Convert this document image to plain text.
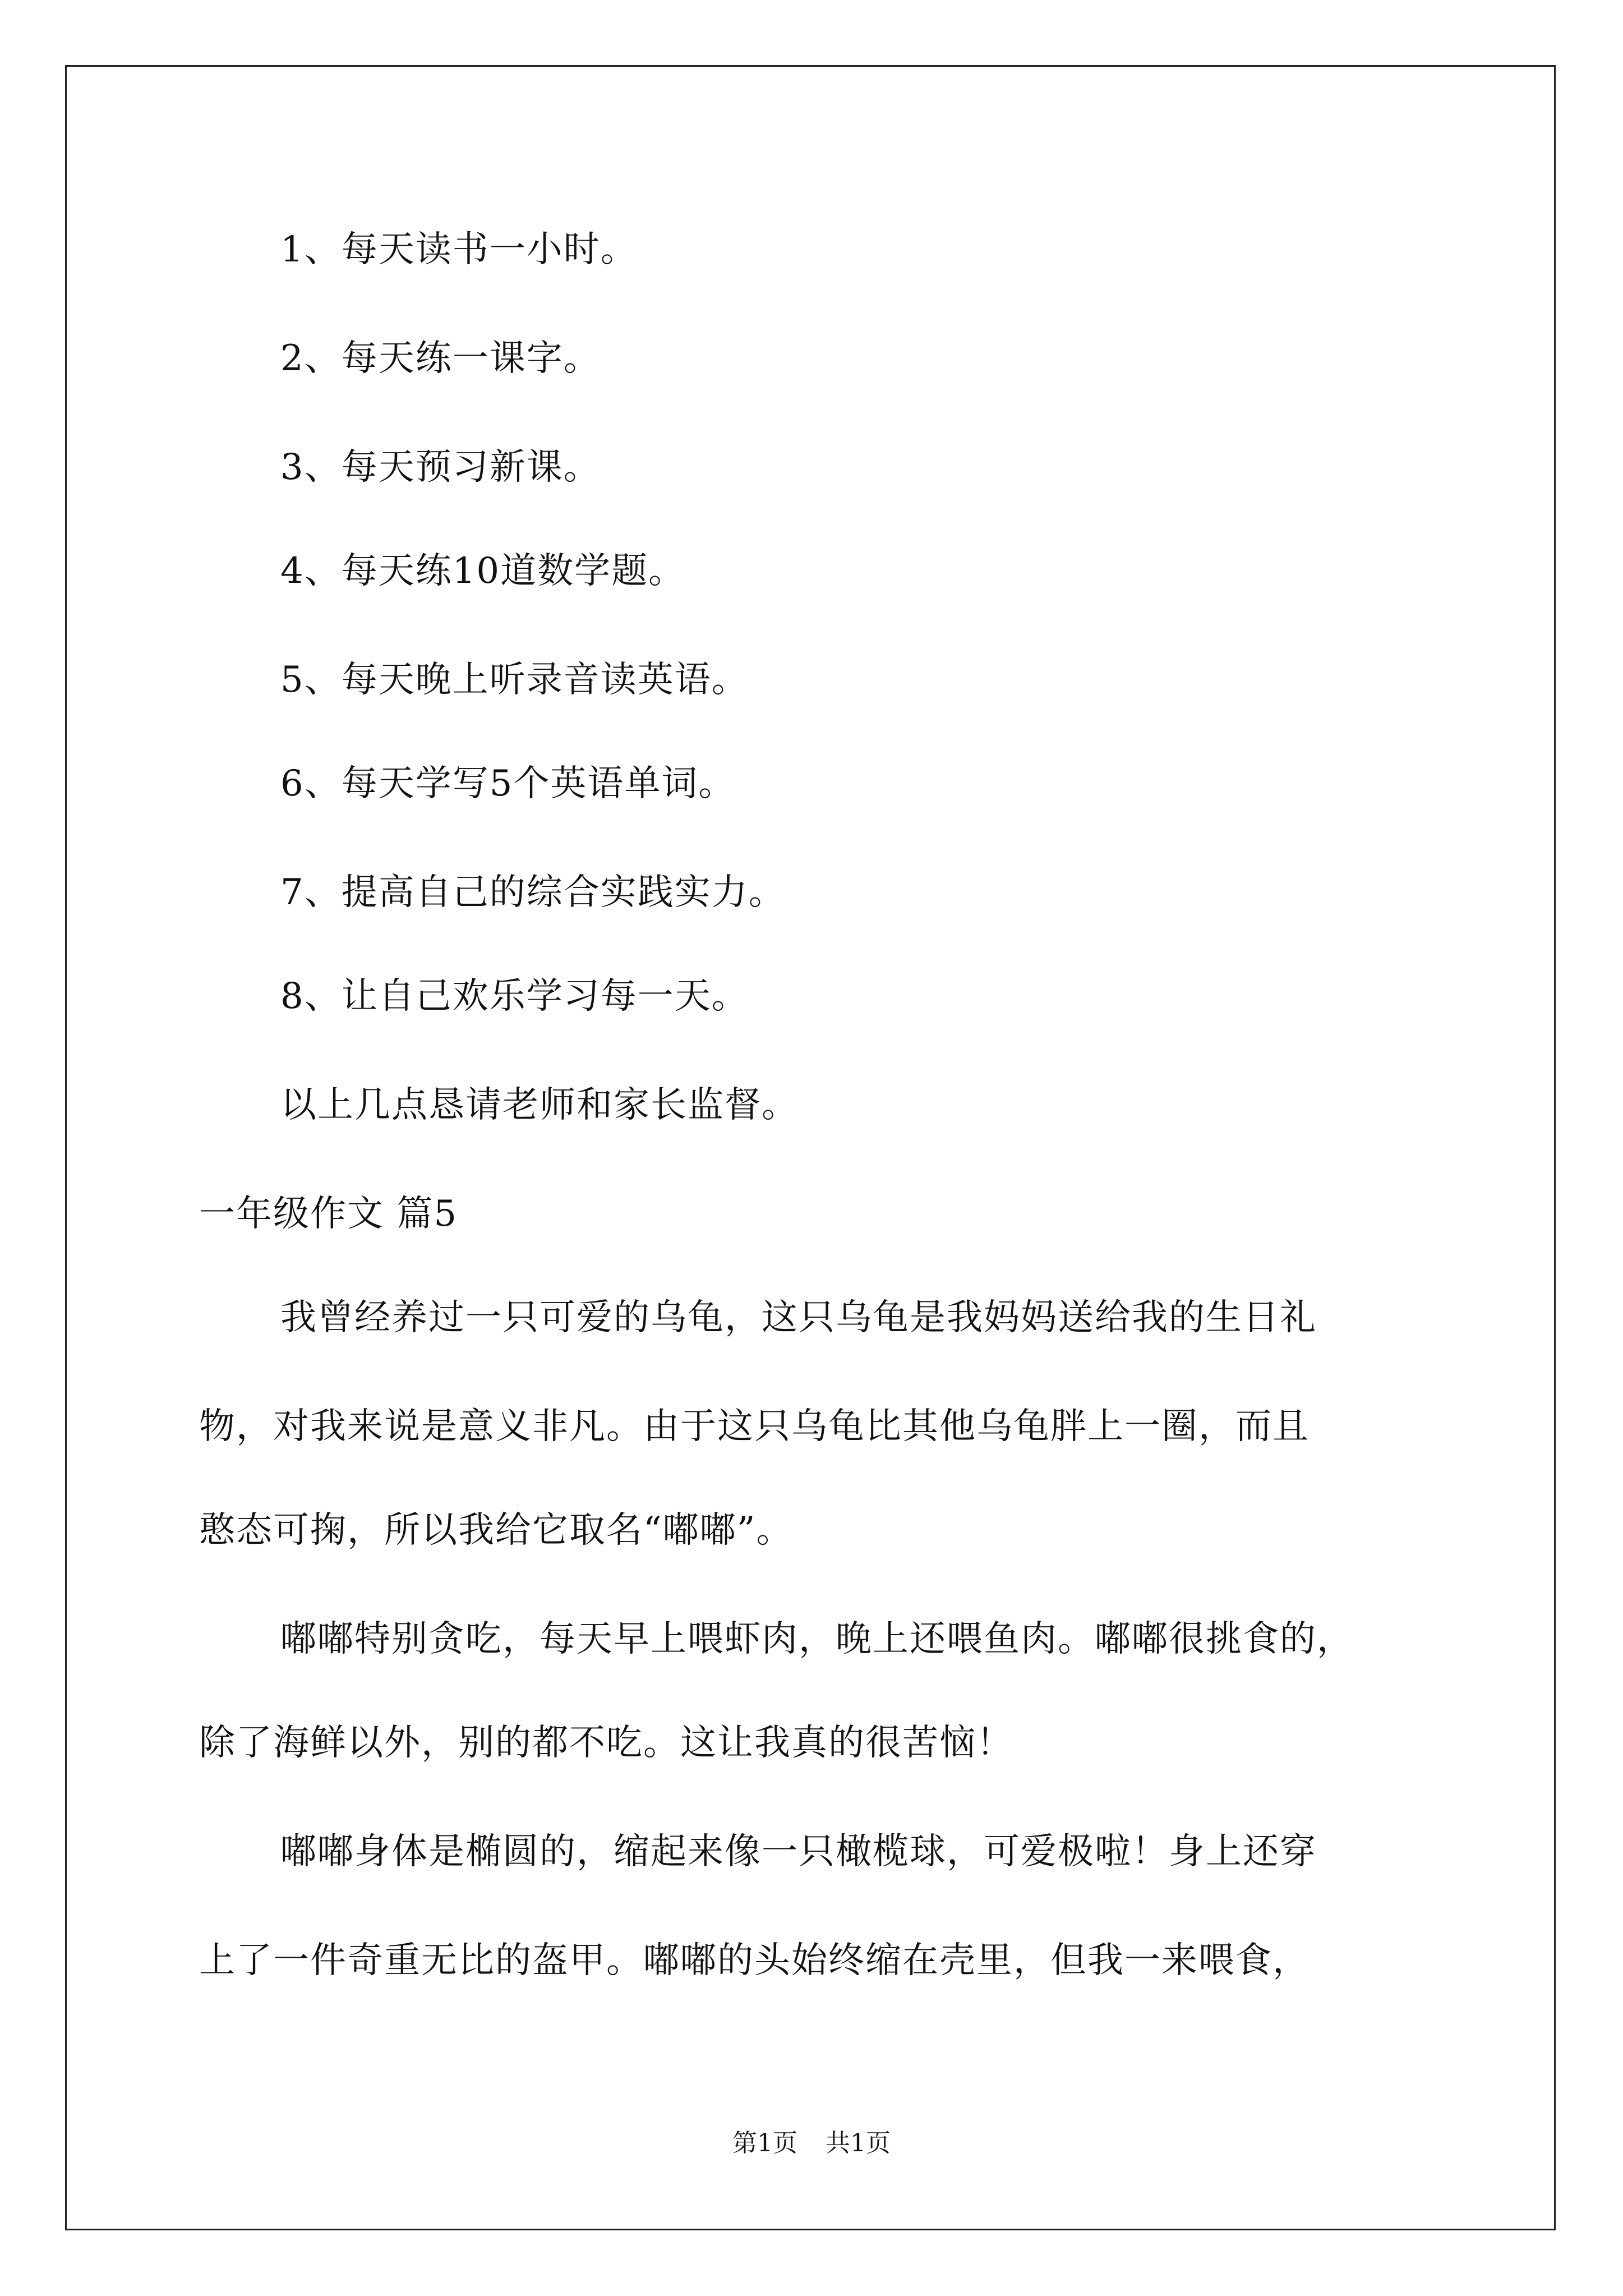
1、每天读书一小时。
2、每天练一课字。
3、每天预习新课。
4、每天练10道数学题。
5、每天晚上听录音读英语。
6、每天学写5个英语单词。
7、提高自己的综合实践实力。
8、让自己欢乐学习每一天。
以上几点恳请老师和家长监督。
一年级作文 篇5
我曾经养过一只可爱的乌龟，这只乌龟是我妈妈送给我的生日礼
物，对我来说是意义非凡。由于这只乌龟比其他乌龟胖上一圈，而且
憨态可掬，所以我给它取名“嘟嘟”。
嘟嘟特别贪吃，每天早上喂虾肉，晚上还喂鱼肉。嘟嘟很挑食的，
除了海鲜以外，别的都不吃。这让我真的很苦恼！
嘟嘟身体是椭圆的，缩起来像一只橄榄球，可爱极啦！身上还穿
上了一件奇重无比的盔甲。嘟嘟的头始终缩在壳里，但我一来喂食，
第1页 共1页
